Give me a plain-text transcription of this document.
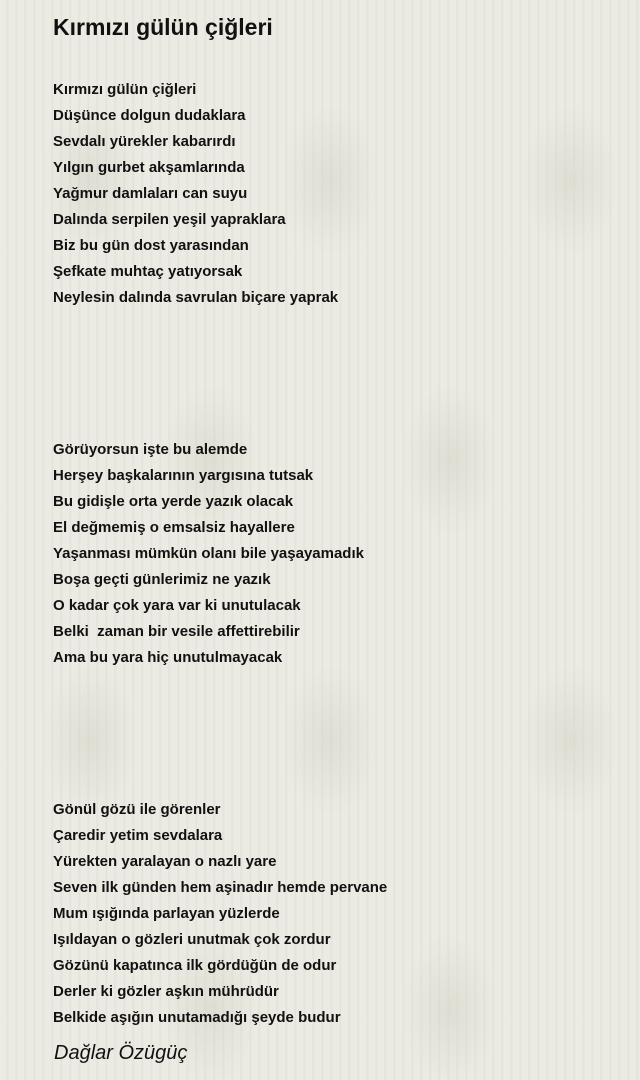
Kırmızı gülün çiğleri
Kırmızı gülün çiğleri
Düşünce dolgun dudaklara
Sevdalı yürekler kabarırdı
Yılgın gurbet akşamlarında
Yağmur damlaları can suyu
Dalında serpilen yeşil yapraklara
Biz bu gün dost yarasından
Şefkate muhtaç yatıyorsak
Neylesin dalında savrulan biçare yaprak
Görüyorsun işte bu alemde
Herşey başkalarının yargısına tutsak
Bu gidişle orta yerde yazık olacak
El değmemiş o emsalsiz hayallere
Yaşanması mümkün olanı bile yaşayamadık
Boşa geçti günlerimiz ne yazık
O kadar çok yara var ki unutulacak
Belki  zaman bir vesile affettirebilir
Ama bu yara hiç unutulmayacak
Gönül gözü ile görenler
Çaredir yetim sevdalara
Yürekten yaralayan o nazlı yare
Seven ilk günden hem aşinadır hemde pervane
Mum ışığında parlayan yüzlerde
Işıldayan o gözleri unutmak çok zordur
Gözünü kapatınca ilk gördüğün de odur
Derler ki gözler aşkın mührüdür
Belkide aşığın unutamadığı şeyde budur
Dağlar Özügüç
